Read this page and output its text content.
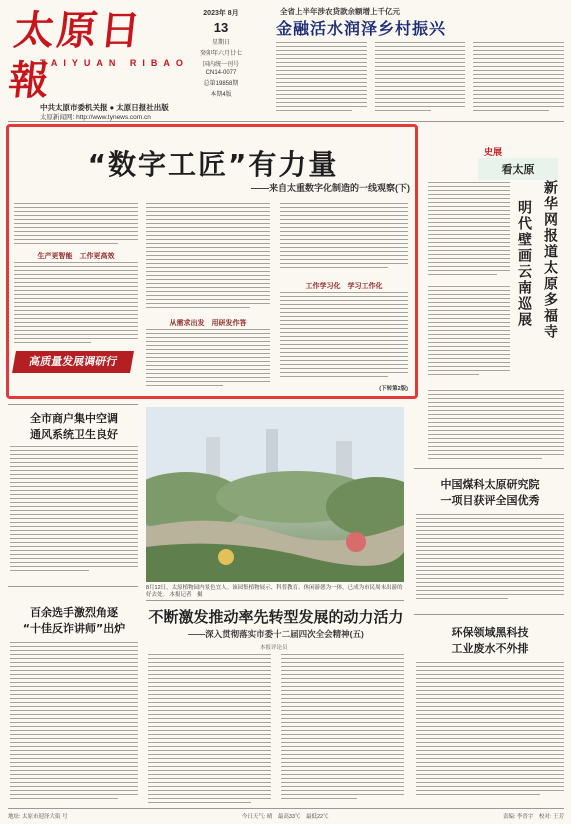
太原日報
TAIYUAN RIBAO
2023年 8月
13
星期日
癸卯年六月廿七
国内统一刊号
CN14-0077
总第19858期
本期4版
全省上半年涉农贷款余额增上千亿元
金融活水润泽乡村振兴
中共太原市委机关报 ● 太原日报社出版
太原新闻网: http://www.tynews.com.cn
“数字工匠”有力量
——来自太重数字化制造的一线观察(下)
生产更智能　工作更高效
高质量发展调研行
从需求出发　用研发作答
工作学习化　学习工作化
(下转第2版)
史展
看太原
新华网报道太原多福寺
明代壁画云南巡展
全市商户集中空调
通风系统卫生良好
百余选手激烈角逐
“十佳反诈讲师”出炉
8月12日，太原植物园内景色宜人。该园集植物展示、科普教育、休闲游憩为一体，已成为市民周末出游的好去处。 本报记者　摄
不断激发推动率先转型发展的动力活力
——深入贯彻落实市委十二届四次全会精神(五)
本报评论员
中国煤科太原研究院
一项目获评全国优秀
环保领域黑科技
工业废水不外排
地址: 太原市迎泽大街 号	今日天气: 晴　最高33℃　最低22℃	责编: 李晋宇　校对: 王芳
